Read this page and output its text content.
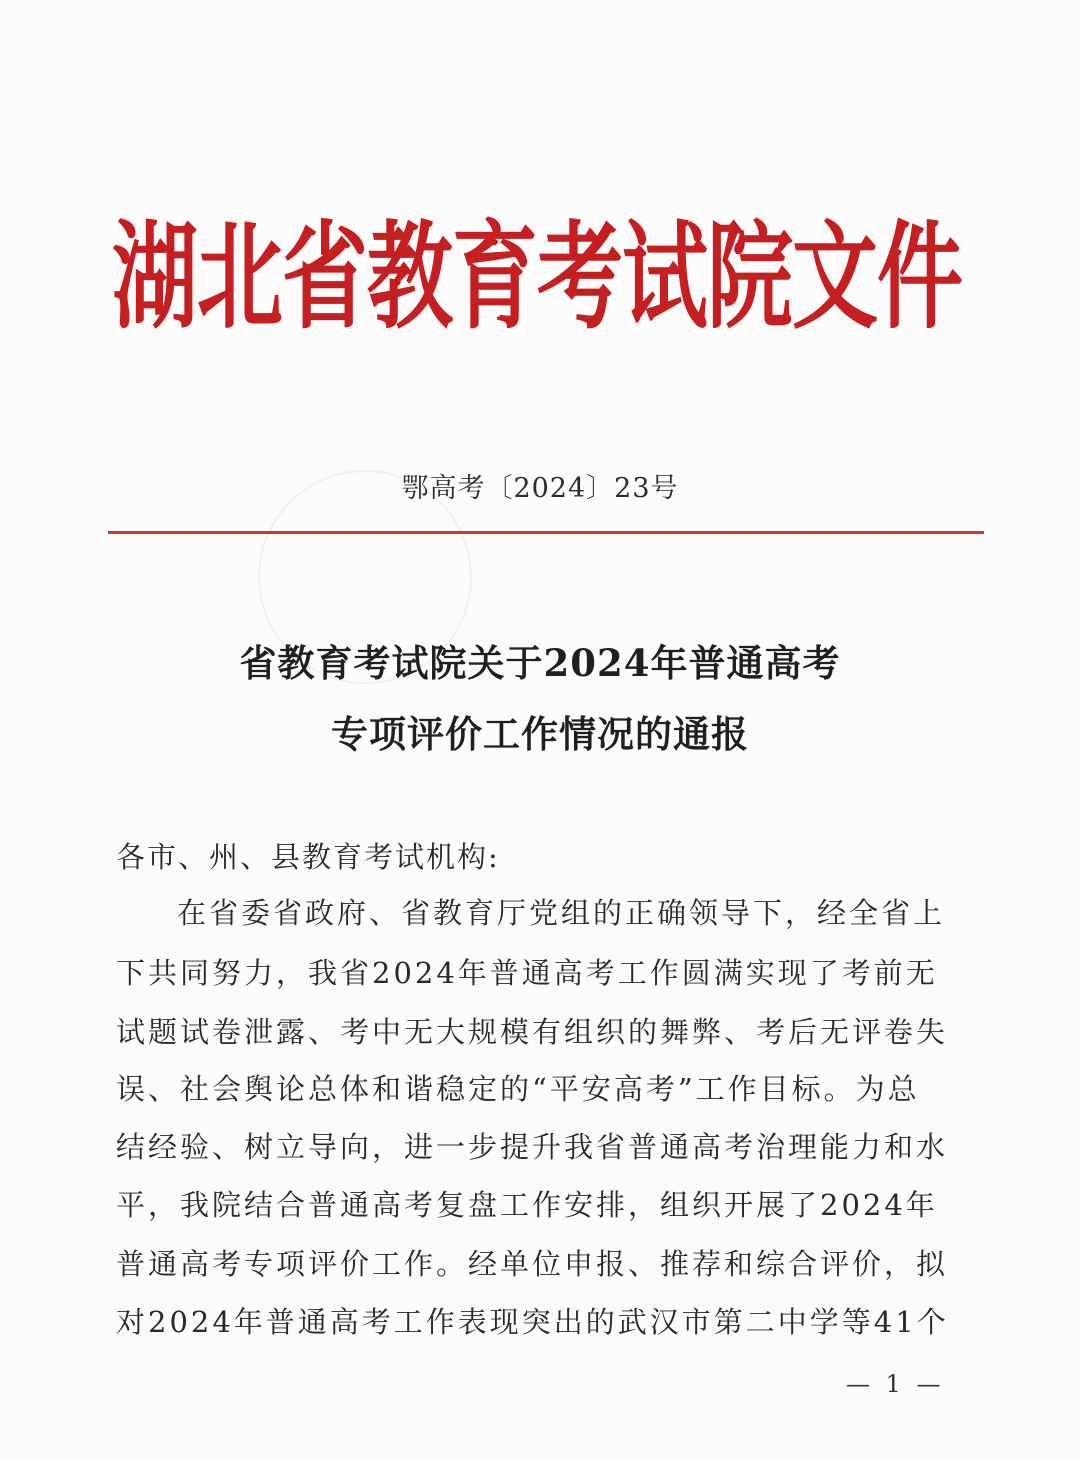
湖北省教育考试院文件
鄂高考〔2024〕23号
省教育考试院关于2024年普通高考
专项评价工作情况的通报
各市、州、县教育考试机构:
在省委省政府、省教育厅党组的正确领导下，经全省上
下共同努力，我省2024年普通高考工作圆满实现了考前无
试题试卷泄露、考中无大规模有组织的舞弊、考后无评卷失
误、社会舆论总体和谐稳定的“平安高考”工作目标。为总
结经验、树立导向，进一步提升我省普通高考治理能力和水
平，我院结合普通高考复盘工作安排，组织开展了2024年
普通高考专项评价工作。经单位申报、推荐和综合评价，拟
对2024年普通高考工作表现突出的武汉市第二中学等41个
— 1 —
